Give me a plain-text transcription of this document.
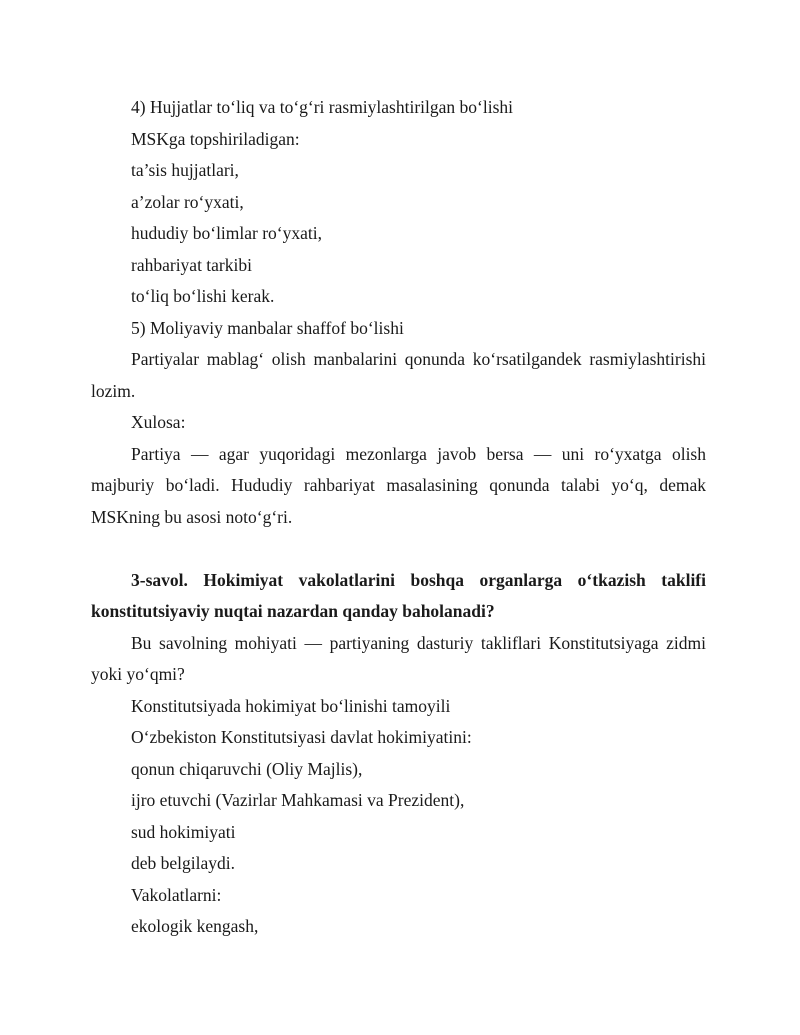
4) Hujjatlar to‘liq va to‘g‘ri rasmiylashtirilgan bo‘lishi

MSKga topshiriladigan:

ta’sis hujjatlari,

a’zolar ro‘yxati,

hududiy bo‘limlar ro‘yxati,

rahbariyat tarkibi

to‘liq bo‘lishi kerak.

5) Moliyaviy manbalar shaffof bo‘lishi

Partiyalar mablag‘ olish manbalarini qonunda ko‘rsatilgandek rasmiylashtirishi lozim.

Xulosa:

Partiya — agar yuqoridagi mezonlarga javob bersa — uni ro‘yxatga olish majburiy bo‘ladi. Hududiy rahbariyat masalasining qonunda talabi yo‘q, demak MSKning bu asosi noto‘g‘ri.

3-savol. Hokimiyat vakolatlarini boshqa organlarga o‘tkazish taklifi konstitutsiyaviy nuqtai nazardan qanday baholanadi?

Bu savolning mohiyati — partiyaning dasturiy takliflari Konstitutsiyaga zidmi yoki yo‘qmi?

Konstitutsiyada hokimiyat bo‘linishi tamoyili

O‘zbekiston Konstitutsiyasi davlat hokimiyatini:

qonun chiqaruvchi (Oliy Majlis),

ijro etuvchi (Vazirlar Mahkamasi va Prezident),

sud hokimiyati

deb belgilaydi.

Vakolatlarni:

ekologik kengash,
